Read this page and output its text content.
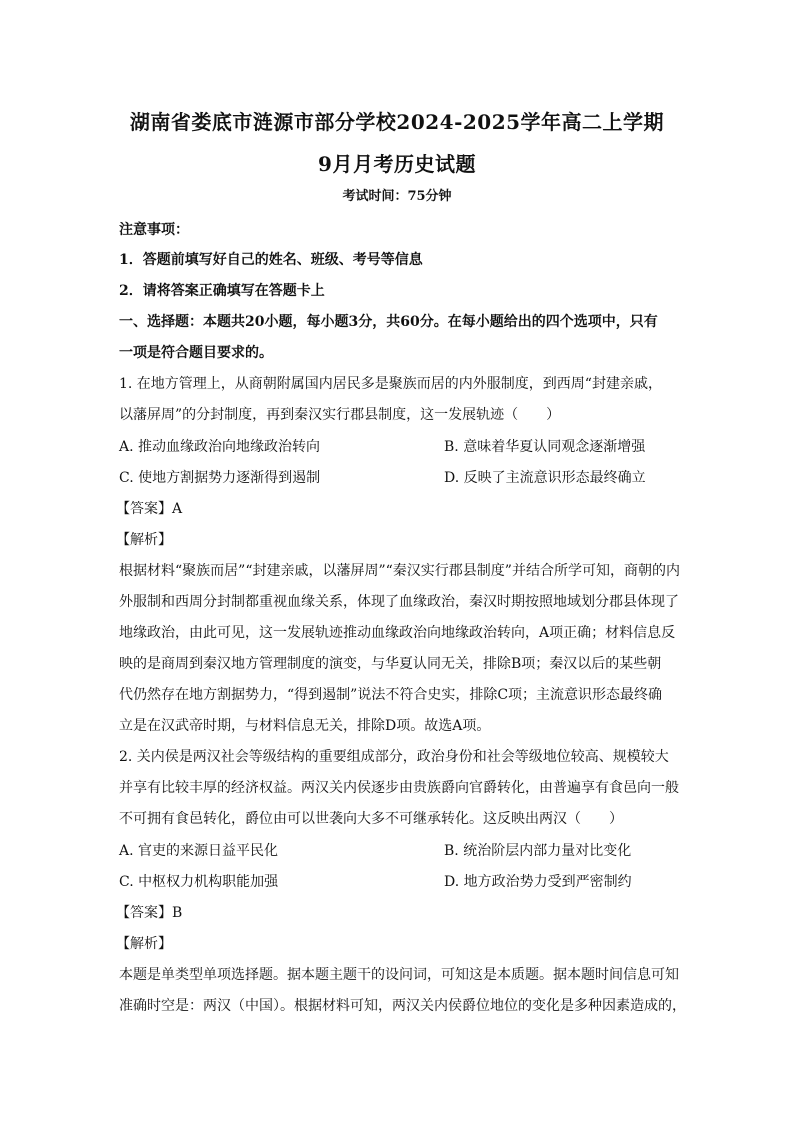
湖南省娄底市涟源市部分学校2024-2025学年高二上学期
9月月考历史试题
考试时间：75分钟
注意事项：
1．答题前填写好自己的姓名、班级、考号等信息
2．请将答案正确填写在答题卡上
一、选择题：本题共20小题，每小题3分，共60分。在每小题给出的四个选项中，只有
一项是符合题目要求的。
1. 在地方管理上，从商朝附属国内居民多是聚族而居的内外服制度，到西周“封建亲戚，
以藩屏周”的分封制度，再到秦汉实行郡县制度，这一发展轨迹（　　）
A. 推动血缘政治向地缘政治转向	B. 意味着华夏认同观念逐渐增强
C. 使地方割据势力逐渐得到遏制	D. 反映了主流意识形态最终确立
【答案】A
【解析】
根据材料“聚族而居”“封建亲戚，以藩屏周”“秦汉实行郡县制度”并结合所学可知，商朝的内
外服制和西周分封制都重视血缘关系，体现了血缘政治，秦汉时期按照地域划分郡县体现了
地缘政治，由此可见，这一发展轨迹推动血缘政治向地缘政治转向，A项正确；材料信息反
映的是商周到秦汉地方管理制度的演变，与华夏认同无关，排除B项；秦汉以后的某些朝
代仍然存在地方割据势力，“得到遏制”说法不符合史实，排除C项；主流意识形态最终确
立是在汉武帝时期，与材料信息无关，排除D项。故选A项。
2. 关内侯是两汉社会等级结构的重要组成部分，政治身份和社会等级地位较高、规模较大
并享有比较丰厚的经济权益。两汉关内侯逐步由贵族爵向官爵转化，由普遍享有食邑向一般
不可拥有食邑转化，爵位由可以世袭向大多不可继承转化。这反映出两汉（　　）
A. 官吏的来源日益平民化	B. 统治阶层内部力量对比变化
C. 中枢权力机构职能加强	D. 地方政治势力受到严密制约
【答案】B
【解析】
本题是单类型单项选择题。据本题主题干的设问词，可知这是本质题。据本题时间信息可知
准确时空是：两汉（中国）。根据材料可知，两汉关内侯爵位地位的变化是多种因素造成的，
